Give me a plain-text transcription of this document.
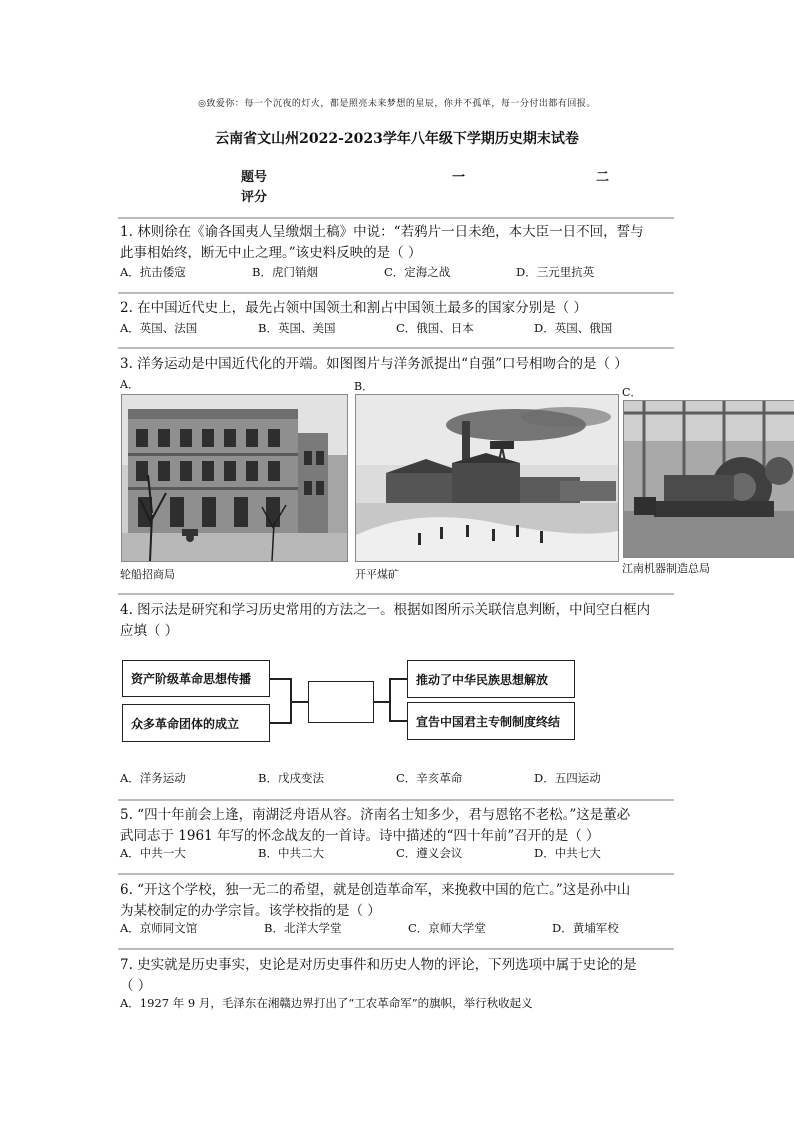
◎致爱你：每一个沉夜的灯火，都是照亮未来梦想的星辰，你并不孤单，每一分付出都有回报。
云南省文山州2022-2023学年八年级下学期历史期末试卷
题号	一	二
评分
1. 林则徐在《谕各国夷人呈缴烟土稿》中说：“若鸦片一日未绝，本大臣一日不回，誓与
此事相始终，断无中止之理。”该史料反映的是（ ）
A．抗击倭寇	B．虎门销烟	C．定海之战	D．三元里抗英
2. 在中国近代史上，最先占领中国领土和割占中国领土最多的国家分别是（ ）
A．英国、法国	B．英国、美国	C．俄国、日本	D．英国、俄国
3. 洋务运动是中国近代化的开端。如图图片与洋务派提出“自强”口号相吻合的是（ ）
A．	B．	C．
轮船招商局	开平煤矿	江南机器制造总局
4. 图示法是研究和学习历史常用的方法之一。根据如图所示关联信息判断，中间空白框内
应填（ ）
资产阶级革命思想传播
众多革命团体的成立
推动了中华民族思想解放
宣告中国君主专制制度终结
A．洋务运动	B．戊戌变法	C．辛亥革命	D．五四运动
5. “四十年前会上逢，南湖泛舟语从容。济南名士知多少，君与恩铭不老松。”这是董必
武同志于 1961 年写的怀念战友的一首诗。诗中描述的“四十年前”召开的是（ ）
A．中共一大	B．中共二大	C．遵义会议	D．中共七大
6. “开这个学校，独一无二的希望，就是创造革命军，来挽救中国的危亡。”这是孙中山
为某校制定的办学宗旨。该学校指的是（ ）
A．京师同文馆	B．北洋大学堂	C．京师大学堂	D．黄埔军校
7. 史实就是历史事实，史论是对历史事件和历史人物的评论，下列选项中属于史论的是
（ ）
A．1927 年 9 月，毛泽东在湘赣边界打出了“工农革命军”的旗帜，举行秋收起义
